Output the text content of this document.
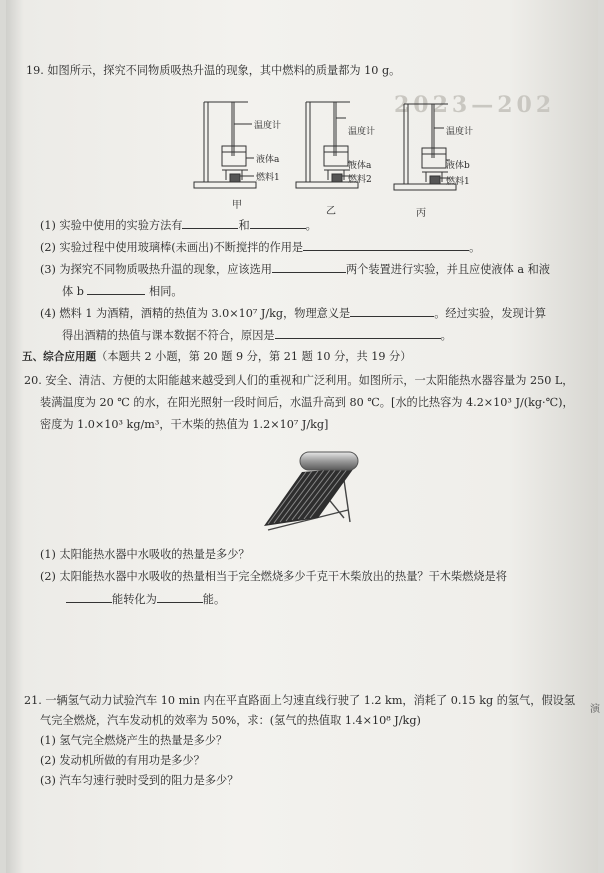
2023—202
演
19. 如图所示，探究不同物质吸热升温的现象，其中燃料的质量都为 10 g。
温度计
液体a
燃料1
温度计
液体a
燃料2
温度计
液体b
燃料1
甲
乙	丙
(1) 实验中使用的实验方法有	和	。
(2) 实验过程中使用玻璃棒(未画出)不断搅拌的作用是	。
(3) 为探究不同物质吸热升温的现象，应该选用	两个装置进行实验，并且应使液体 a 和液
体 b	相同。
(4) 燃料 1 为酒精，酒精的热值为 3.0×10⁷ J/kg，物理意义是	。经过实验，发现计算
得出酒精的热值与课本数据不符合，原因是	。
五、综合应用题（本题共 2 小题，第 20 题 9 分，第 21 题 10 分，共 19 分）
20. 安全、清洁、方便的太阳能越来越受到人们的重视和广泛利用。如图所示，一太阳能热水器容量为 250 L，
装满温度为 20 ℃ 的水，在阳光照射一段时间后，水温升高到 80 ℃。[水的比热容为 4.2×10³ J/(kg·℃)，
密度为 1.0×10³ kg/m³，干木柴的热值为 1.2×10⁷ J/kg]
(1) 太阳能热水器中水吸收的热量是多少？
(2) 太阳能热水器中水吸收的热量相当于完全燃烧多少千克干木柴放出的热量？干木柴燃烧是将
能转化为	能。
21. 一辆氢气动力试验汽车 10 min 内在平直路面上匀速直线行驶了 1.2 km，消耗了 0.15 kg 的氢气，假设氢
气完全燃烧，汽车发动机的效率为 50%，求：(氢气的热值取 1.4×10⁸ J/kg)
(1) 氢气完全燃烧产生的热量是多少？
(2) 发动机所做的有用功是多少？
(3) 汽车匀速行驶时受到的阻力是多少？
